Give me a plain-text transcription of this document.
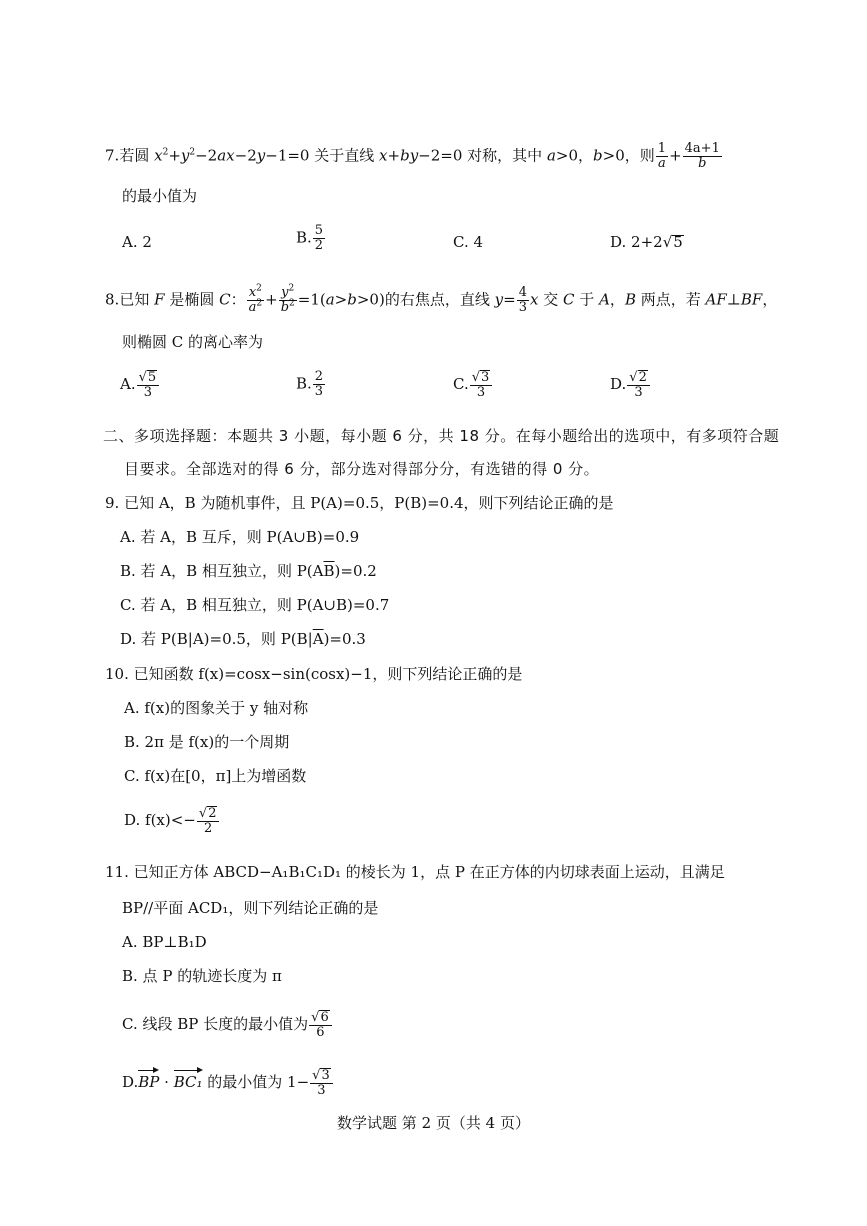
7.若圆 $x^2+y^2-2ax-2y-1=0$ 关于直线 x+by−2=0 对称，其中 a>0，b>0，则 $\frac{1}{a} + \frac{4a+1}{b}$
的最小值为
A. 2	B. $\frac{5}{2}$	C. 4	D. 2+2√5
8.已知 F 是椭圆 C： $\frac{x^2}{a^2} + \frac{y^2}{b^2} =1(a>b>0)$的右焦点，直线 $y= \frac{4}{3}$ x 交 C 于 A，B 两点，若 AF⊥BF，
则椭圆 C 的离心率为
A. $\frac{√5}{3}$	B. $\frac{2}{3}$	C. $\frac{√3}{3}$	D. $\frac{√2}{3}$
二、多项选择题：本题共 3 小题，每小题 6 分，共 18 分。在每小题给出的选项中，有多项符合题
目要求。全部选对的得 6 分，部分选对得部分分，有选错的得 0 分。
9. 已知 A，B 为随机事件，且 P(A)=0.5，P(B)=0.4，则下列结论正确的是
A. 若 A，B 互斥，则 P(A∪B)=0.9
B. 若 A，B 相互独立，则 $P(A\overline{B})=0.2$
C. 若 A，B 相互独立，则 P(A∪B)=0.7
D. 若 P(B|A)=0.5，则 $P(B|\overline{A})=0.3$
10. 已知函数 f(x)=cosx−sin(cosx)−1，则下列结论正确的是
A. f(x)的图象关于 y 轴对称
B. 2π 是 f(x)的一个周期
C. f(x)在[0，π]上为增函数
D. $f(x)<- \frac{√2}{2}$
11. 已知正方体 ABCD−A₁B₁C₁D₁ 的棱长为 1，点 P 在正方体的内切球表面上运动，且满足
BP//平面 ACD₁，则下列结论正确的是
A. BP⊥B₁D
B. 点 P 的轨迹长度为 π
C. 线段 BP 长度的最小值为 $\frac{√6}{6}$
D.BP · BC₁ 的最小值为 $1- \frac{√3}{3}$
数学试题 第 2 页（共 4 页）
